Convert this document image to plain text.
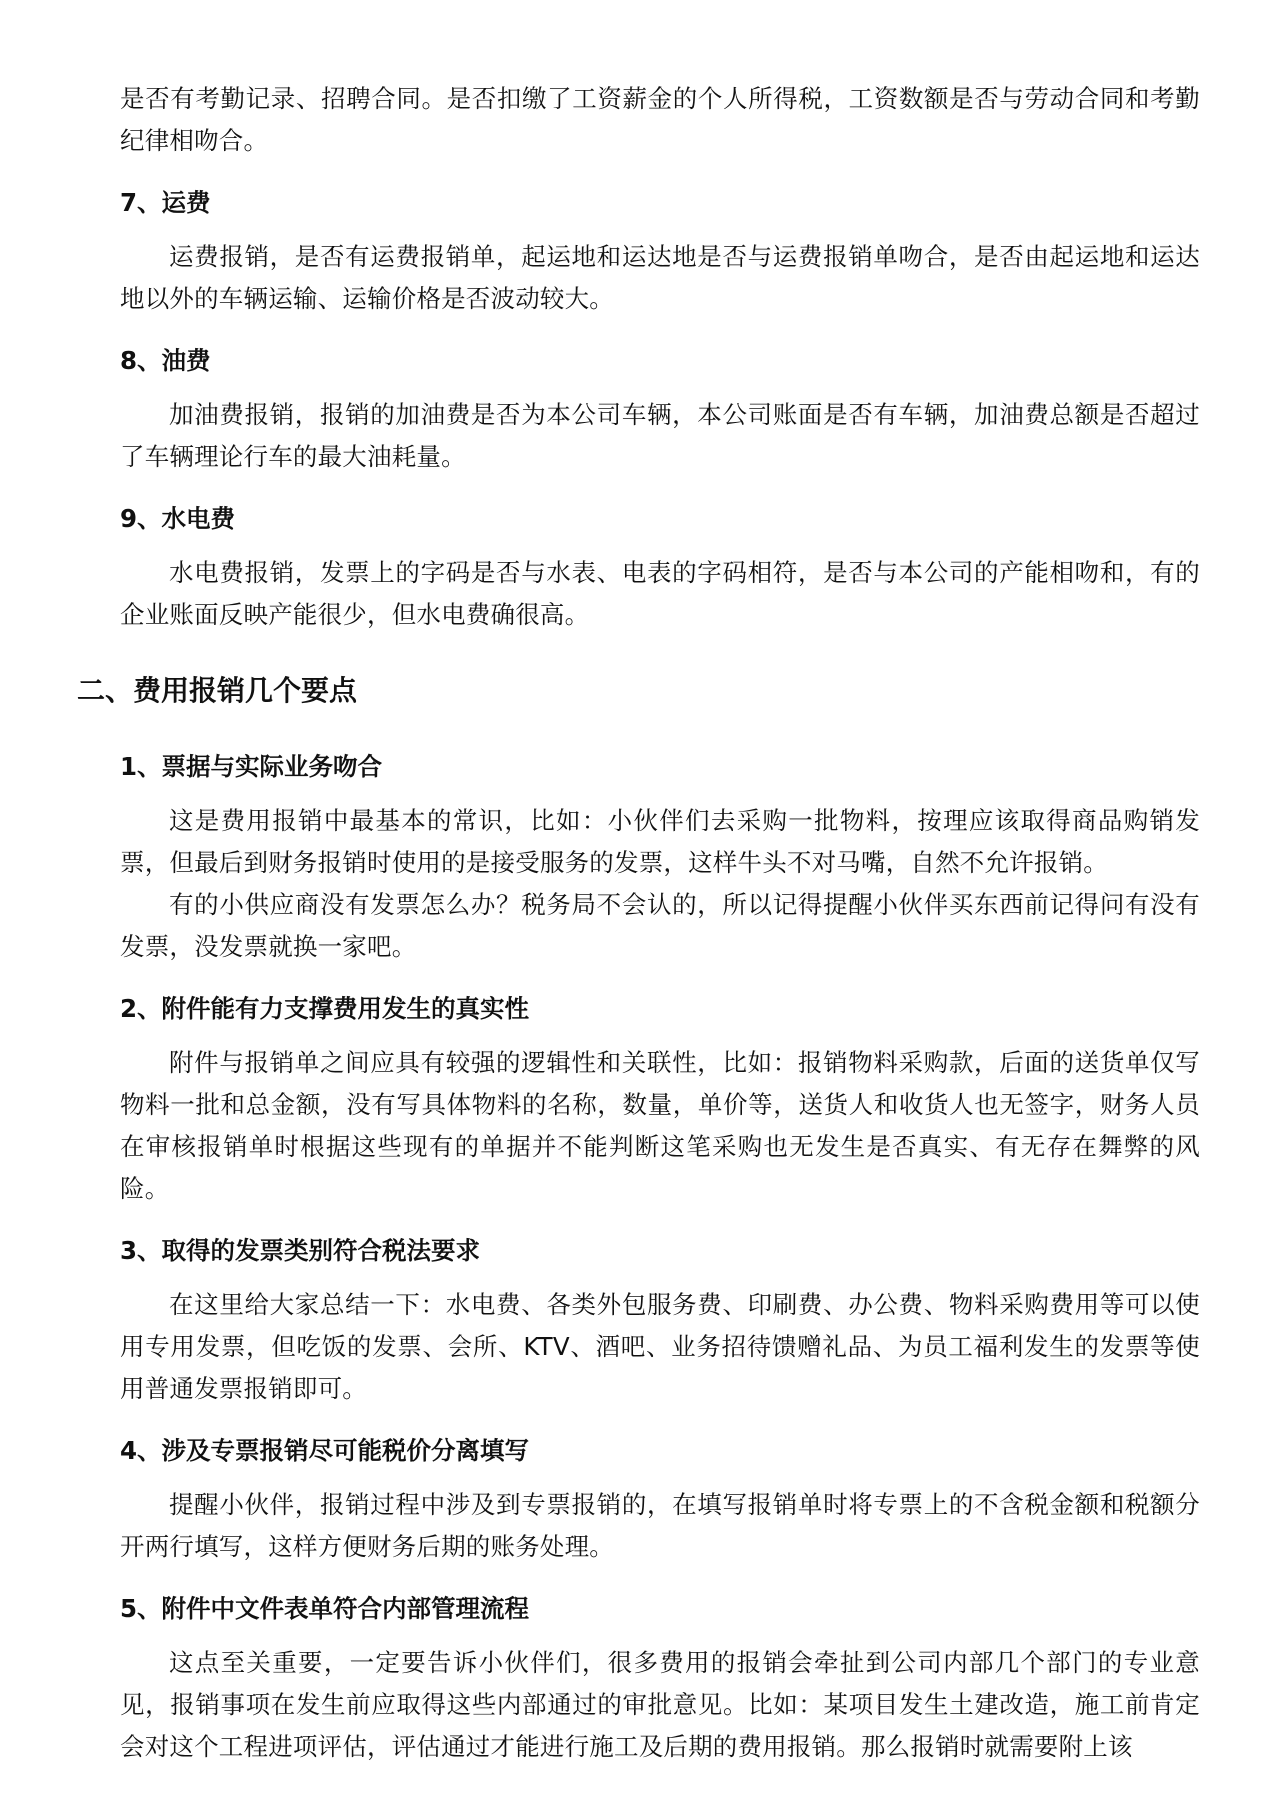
是否有考勤记录、招聘合同。是否扣缴了工资薪金的个人所得税，工资数额是否与劳动合同和考勤纪律相吻合。

7、运费

运费报销，是否有运费报销单，起运地和运达地是否与运费报销单吻合，是否由起运地和运达地以外的车辆运输、运输价格是否波动较大。

8、油费

加油费报销，报销的加油费是否为本公司车辆，本公司账面是否有车辆，加油费总额是否超过了车辆理论行车的最大油耗量。

9、水电费

水电费报销，发票上的字码是否与水表、电表的字码相符，是否与本公司的产能相吻和，有的企业账面反映产能很少，但水电费确很高。

二、费用报销几个要点
1、票据与实际业务吻合

这是费用报销中最基本的常识，比如：小伙伴们去采购一批物料，按理应该取得商品购销发票，但最后到财务报销时使用的是接受服务的发票，这样牛头不对马嘴，自然不允许报销。

有的小供应商没有发票怎么办？税务局不会认的，所以记得提醒小伙伴买东西前记得问有没有发票，没发票就换一家吧。

2、附件能有力支撑费用发生的真实性

附件与报销单之间应具有较强的逻辑性和关联性，比如：报销物料采购款，后面的送货单仅写物料一批和总金额，没有写具体物料的名称，数量，单价等，送货人和收货人也无签字，财务人员在审核报销单时根据这些现有的单据并不能判断这笔采购也无发生是否真实、有无存在舞弊的风险。

3、取得的发票类别符合税法要求

在这里给大家总结一下：水电费、各类外包服务费、印刷费、办公费、物料采购费用等可以使用专用发票，但吃饭的发票、会所、KTV、酒吧、业务招待馈赠礼品、为员工福利发生的发票等使用普通发票报销即可。

4、涉及专票报销尽可能税价分离填写

提醒小伙伴，报销过程中涉及到专票报销的，在填写报销单时将专票上的不含税金额和税额分开两行填写，这样方便财务后期的账务处理。

5、附件中文件表单符合内部管理流程

这点至关重要，一定要告诉小伙伴们，很多费用的报销会牵扯到公司内部几个部门的专业意见，报销事项在发生前应取得这些内部通过的审批意见。比如：某项目发生土建改造，施工前肯定会对这个工程进项评估，评估通过才能进行施工及后期的费用报销。那么报销时就需要附上该
